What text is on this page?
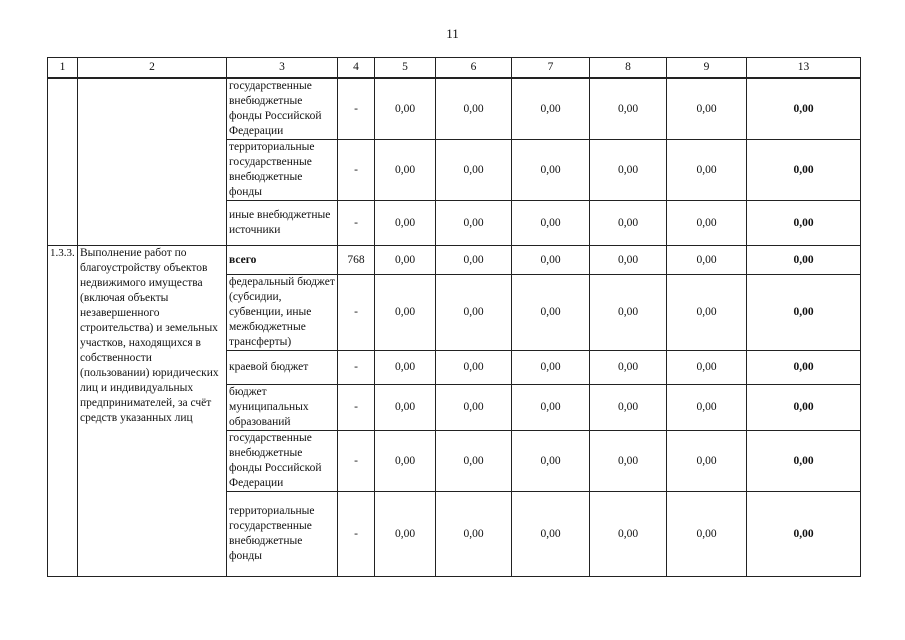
11
1	2	3	4	5	6	7	8	9	13
		государственные внебюджетные фонды Российской Федерации	-	0,00	0,00	0,00	0,00	0,00	0,00
		территориальные государственные внебюджетные фонды	-	0,00	0,00	0,00	0,00	0,00	0,00
		иные внебюджетные источники	-	0,00	0,00	0,00	0,00	0,00	0,00
1.3.3.	Выполнение работ по благоустройству объектов недвижимого имущества (включая объекты незавершенного строительства) и земельных участков, находящихся в собственности (пользовании) юридических лиц и индивидуальных предпринимателей, за счёт средств указанных лиц	всего	768	0,00	0,00	0,00	0,00	0,00	0,00
		федеральный бюджет (субсидии, субвенции, иные межбюджетные трансферты)	-	0,00	0,00	0,00	0,00	0,00	0,00
		краевой бюджет	-	0,00	0,00	0,00	0,00	0,00	0,00
		бюджет муниципальных образований	-	0,00	0,00	0,00	0,00	0,00	0,00
		государственные внебюджетные фонды Российской Федерации	-	0,00	0,00	0,00	0,00	0,00	0,00
		территориальные государственные внебюджетные фонды	-	0,00	0,00	0,00	0,00	0,00	0,00
